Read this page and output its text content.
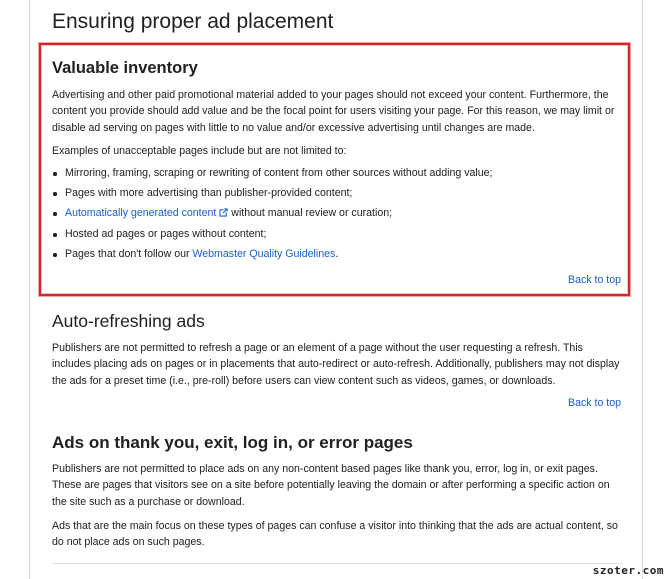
Ensuring proper ad placement
Valuable inventory

Advertising and other paid promotional material added to your pages should not exceed your content. Furthermore, the content you provide should add value and be the focal point for users visiting your page. For this reason, we may limit or disable ad serving on pages with little to no value and/or excessive advertising until changes are made.

Examples of unacceptable pages include but are not limited to:

Mirroring, framing, scraping or rewriting of content from other sources without adding value;
Pages with more advertising than publisher-provided content;
Automatically generated content without manual review or curation;
Hosted ad pages or pages without content;
Pages that don't follow our Webmaster Quality Guidelines.
Back to top
Auto-refreshing ads

Publishers are not permitted to refresh a page or an element of a page without the user requesting a refresh. This includes placing ads on pages or in placements that auto-redirect or auto-refresh. Additionally, publishers may not display the ads for a preset time (i.e., pre-roll) before users can view content such as videos, games, or downloads.

Back to top
Ads on thank you, exit, log in, or error pages

Publishers are not permitted to place ads on any non-content based pages like thank you, error, log in, or exit pages. These are pages that visitors see on a site before potentially leaving the domain or after performing a specific action on the site such as a purchase or download.

Ads that are the main focus on these types of pages can confuse a visitor into thinking that the ads are actual content, so do not place ads on such pages.

szoter.com
